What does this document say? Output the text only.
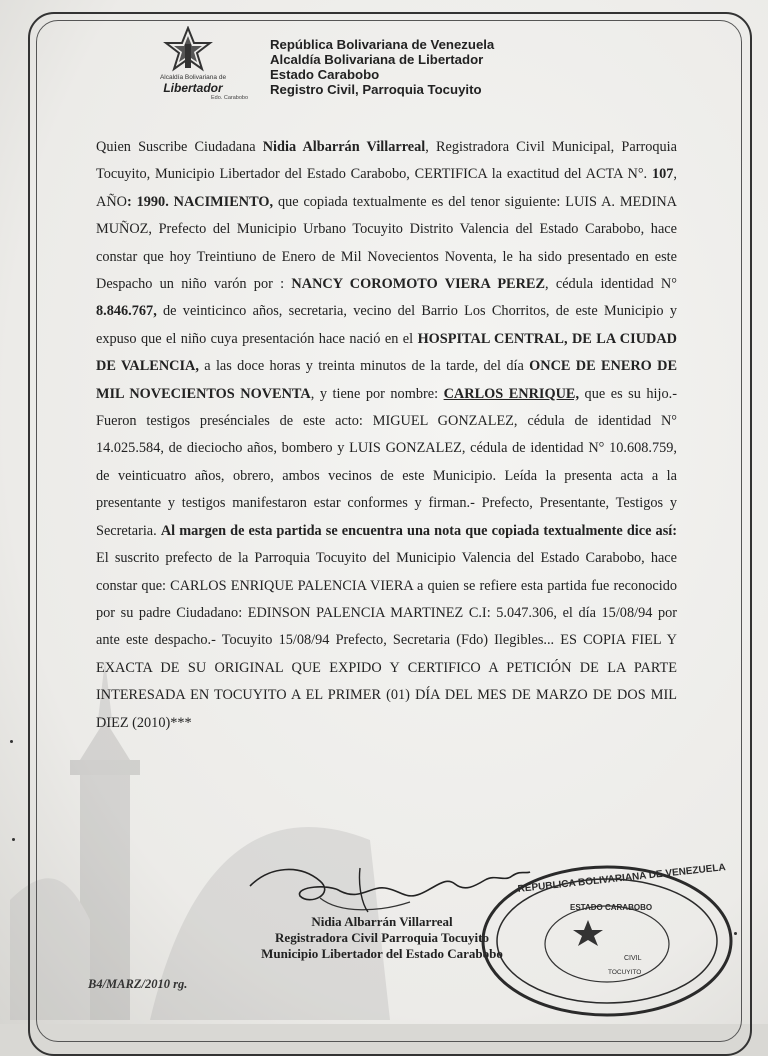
Alcaldía Bolivariana de
Libertador
Edo. Carabobo
República Bolivariana de Venezuela
Alcaldía Bolivariana de Libertador
Estado Carabobo
Registro Civil, Parroquia Tocuyito

Quien Suscribe Ciudadana Nidia Albarrán Villarreal, Registradora Civil Municipal, Parroquia Tocuyito, Municipio Libertador del Estado Carabobo, CERTIFICA la exactitud del ACTA N°. 107, AÑO: 1990. NACIMIENTO, que copiada textualmente es del tenor siguiente: LUIS A. MEDINA MUÑOZ, Prefecto del Municipio Urbano Tocuyito Distrito Valencia del Estado Carabobo, hace constar que hoy Treintiuno de Enero de Mil Novecientos Noventa, le ha sido presentado en este Despacho un niño varón por : NANCY COROMOTO VIERA PEREZ, cédula identidad N° 8.846.767, de veinticinco años, secretaria, vecino del Barrio Los Chorritos, de este Municipio y expuso que el niño cuya presentación hace nació en el HOSPITAL CENTRAL, DE LA CIUDAD DE VALENCIA, a las doce horas y treinta minutos de la tarde, del día ONCE DE ENERO DE MIL NOVECIENTOS NOVENTA, y tiene por nombre: CARLOS ENRIQUE, que es su hijo.- Fueron testigos presénciales de este acto: MIGUEL GONZALEZ, cédula de identidad N° 14.025.584, de dieciocho años, bombero y LUIS GONZALEZ, cédula de identidad N° 10.608.759, de veinticuatro años, obrero, ambos vecinos de este Municipio. Leída la presenta acta a la presentante y testigos manifestaron estar conformes y firman.- Prefecto, Presentante, Testigos y Secretaria. Al margen de esta partida se encuentra una nota que copiada textualmente dice así: El suscrito prefecto de la Parroquia Tocuyito del Municipio Valencia del Estado Carabobo, hace constar que: CARLOS ENRIQUE PALENCIA VIERA a quien se refiere esta partida fue reconocido por su padre Ciudadano: EDINSON PALENCIA MARTINEZ C.I: 5.047.306, el día 15/08/94 por ante este despacho.- Tocuyito 15/08/94 Prefecto, Secretaria (Fdo) Ilegibles... ES COPIA FIEL Y EXACTA DE SU ORIGINAL QUE EXPIDO Y CERTIFICO A PETICIÓN DE LA PARTE INTERESADA EN TOCUYITO A EL PRIMER (01) DÍA DEL MES DE MARZO DE DOS MIL DIEZ (2010)***

Nidia Albarrán Villarreal
Registradora Civil Parroquia Tocuyito
Municipio Libertador del Estado Carabobo
REPUBLICA BOLIVARIANA DE VENEZUELA
ESTADO CARABOBO
CIVIL
TOCUYITO
B4/MARZ/2010 rg.
